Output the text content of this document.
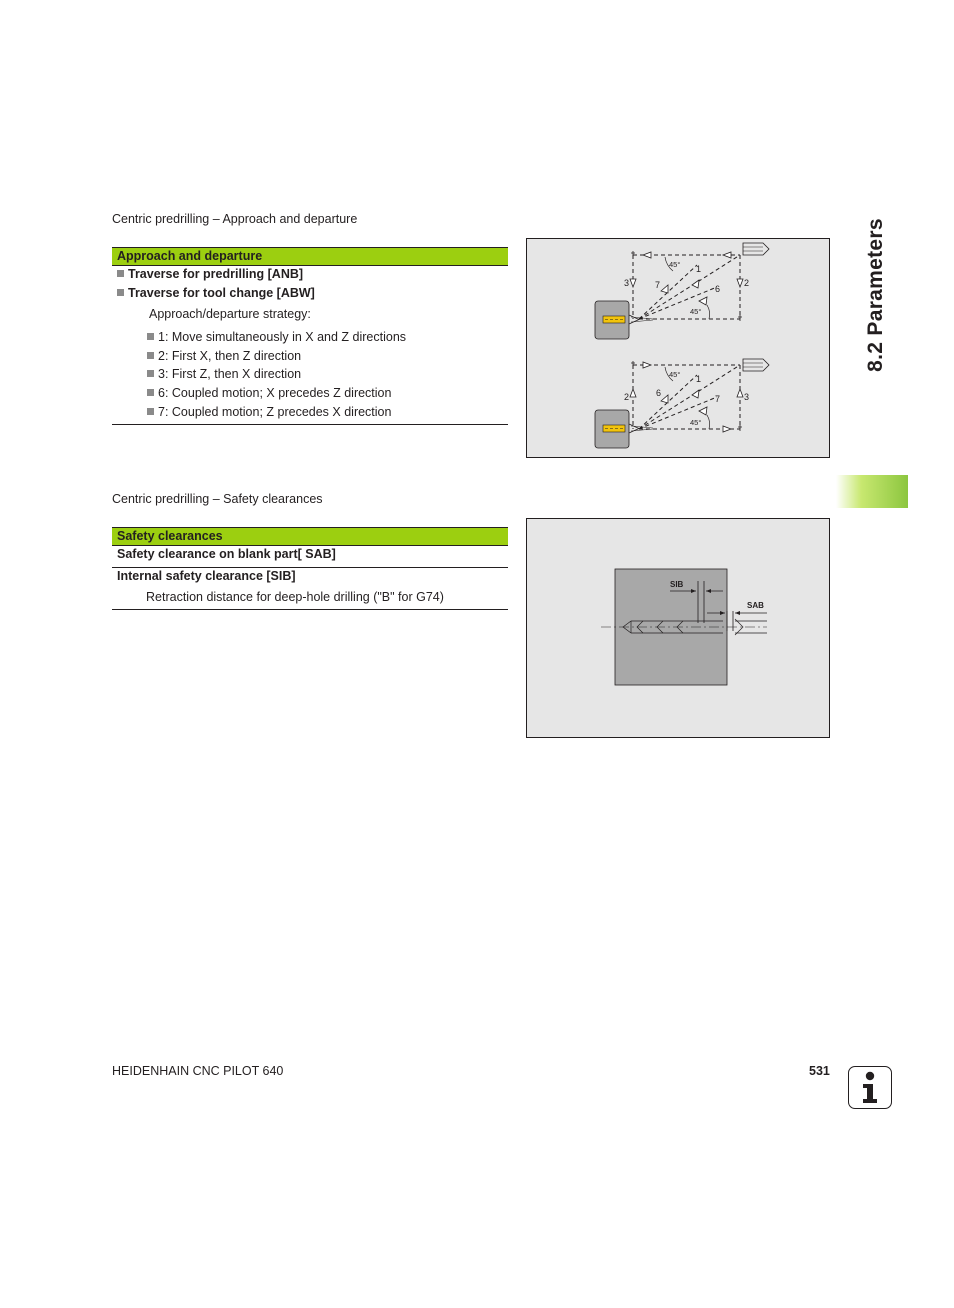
8.2 Parameters
Centric predrilling – Approach and departure
Approach and departure
Traverse for predrilling [ANB]
Traverse for tool change [ABW]
Approach/departure strategy:
1: Move simultaneously in X and Z directions
2: First X, then Z direction
3: First Z, then X direction
6: Coupled motion; X precedes Z direction
7: Coupled motion; Z precedes X direction
3	2
7
1
6
45°
45°
2	3
6
1
7
45°
45°
Centric predrilling – Safety clearances
Safety clearances
Safety clearance on blank part[ SAB]
Internal safety clearance [SIB]
Retraction distance for deep-hole drilling ("B" for G74)
SIB
SAB
HEIDENHAIN CNC PILOT 640	531
